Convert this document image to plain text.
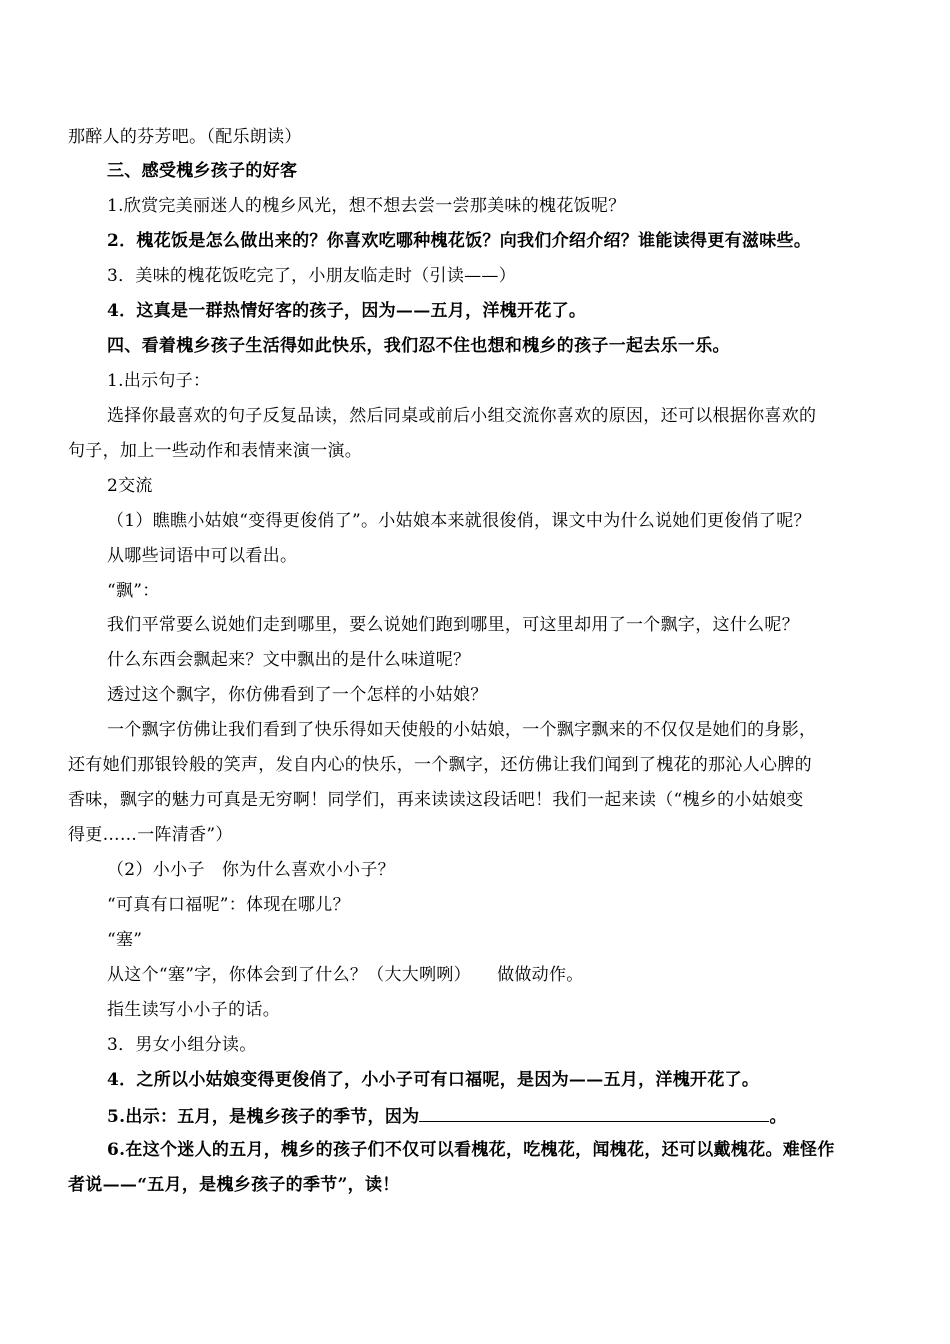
那醉人的芬芳吧。（配乐朗读）
三、感受槐乡孩子的好客
1.欣赏完美丽迷人的槐乡风光，想不想去尝一尝那美味的槐花饭呢？
2．槐花饭是怎么做出来的？你喜欢吃哪种槐花饭？向我们介绍介绍？谁能读得更有滋味些。
3．美味的槐花饭吃完了，小朋友临走时（引读——）
4．这真是一群热情好客的孩子，因为——五月，洋槐开花了。
四、看着槐乡孩子生活得如此快乐，我们忍不住也想和槐乡的孩子一起去乐一乐。
1.出示句子：
选择你最喜欢的句子反复品读，然后同桌或前后小组交流你喜欢的原因，还可以根据你喜欢的
句子，加上一些动作和表情来演一演。
2交流
（1）瞧瞧小姑娘“变得更俊俏了”。小姑娘本来就很俊俏，课文中为什么说她们更俊俏了呢？
从哪些词语中可以看出。
“飘”：
我们平常要么说她们走到哪里，要么说她们跑到哪里，可这里却用了一个飘字，这什么呢？
什么东西会飘起来？文中飘出的是什么味道呢？
透过这个飘字，你仿佛看到了一个怎样的小姑娘？
一个飘字仿佛让我们看到了快乐得如天使般的小姑娘，一个飘字飘来的不仅仅是她们的身影，
还有她们那银铃般的笑声，发自内心的快乐，一个飘字，还仿佛让我们闻到了槐花的那沁人心脾的
香味，飘字的魅力可真是无穷啊！同学们，再来读读这段话吧！我们一起来读（“槐乡的小姑娘变
得更……一阵清香”）
（2）小小子　你为什么喜欢小小子？
“可真有口福呢”：体现在哪儿？
“塞”
从这个“塞”字，你体会到了什么？（大大咧咧）　　做做动作。
指生读写小小子的话。
3．男女小组分读。
4．之所以小姑娘变得更俊俏了，小小子可有口福呢，是因为——五月，洋槐开花了。
5.出示：五月，是槐乡孩子的季节，因为	。
6.在这个迷人的五月，槐乡的孩子们不仅可以看槐花，吃槐花，闻槐花，还可以戴槐花。难怪作
者说——“五月，是槐乡孩子的季节”，读！
